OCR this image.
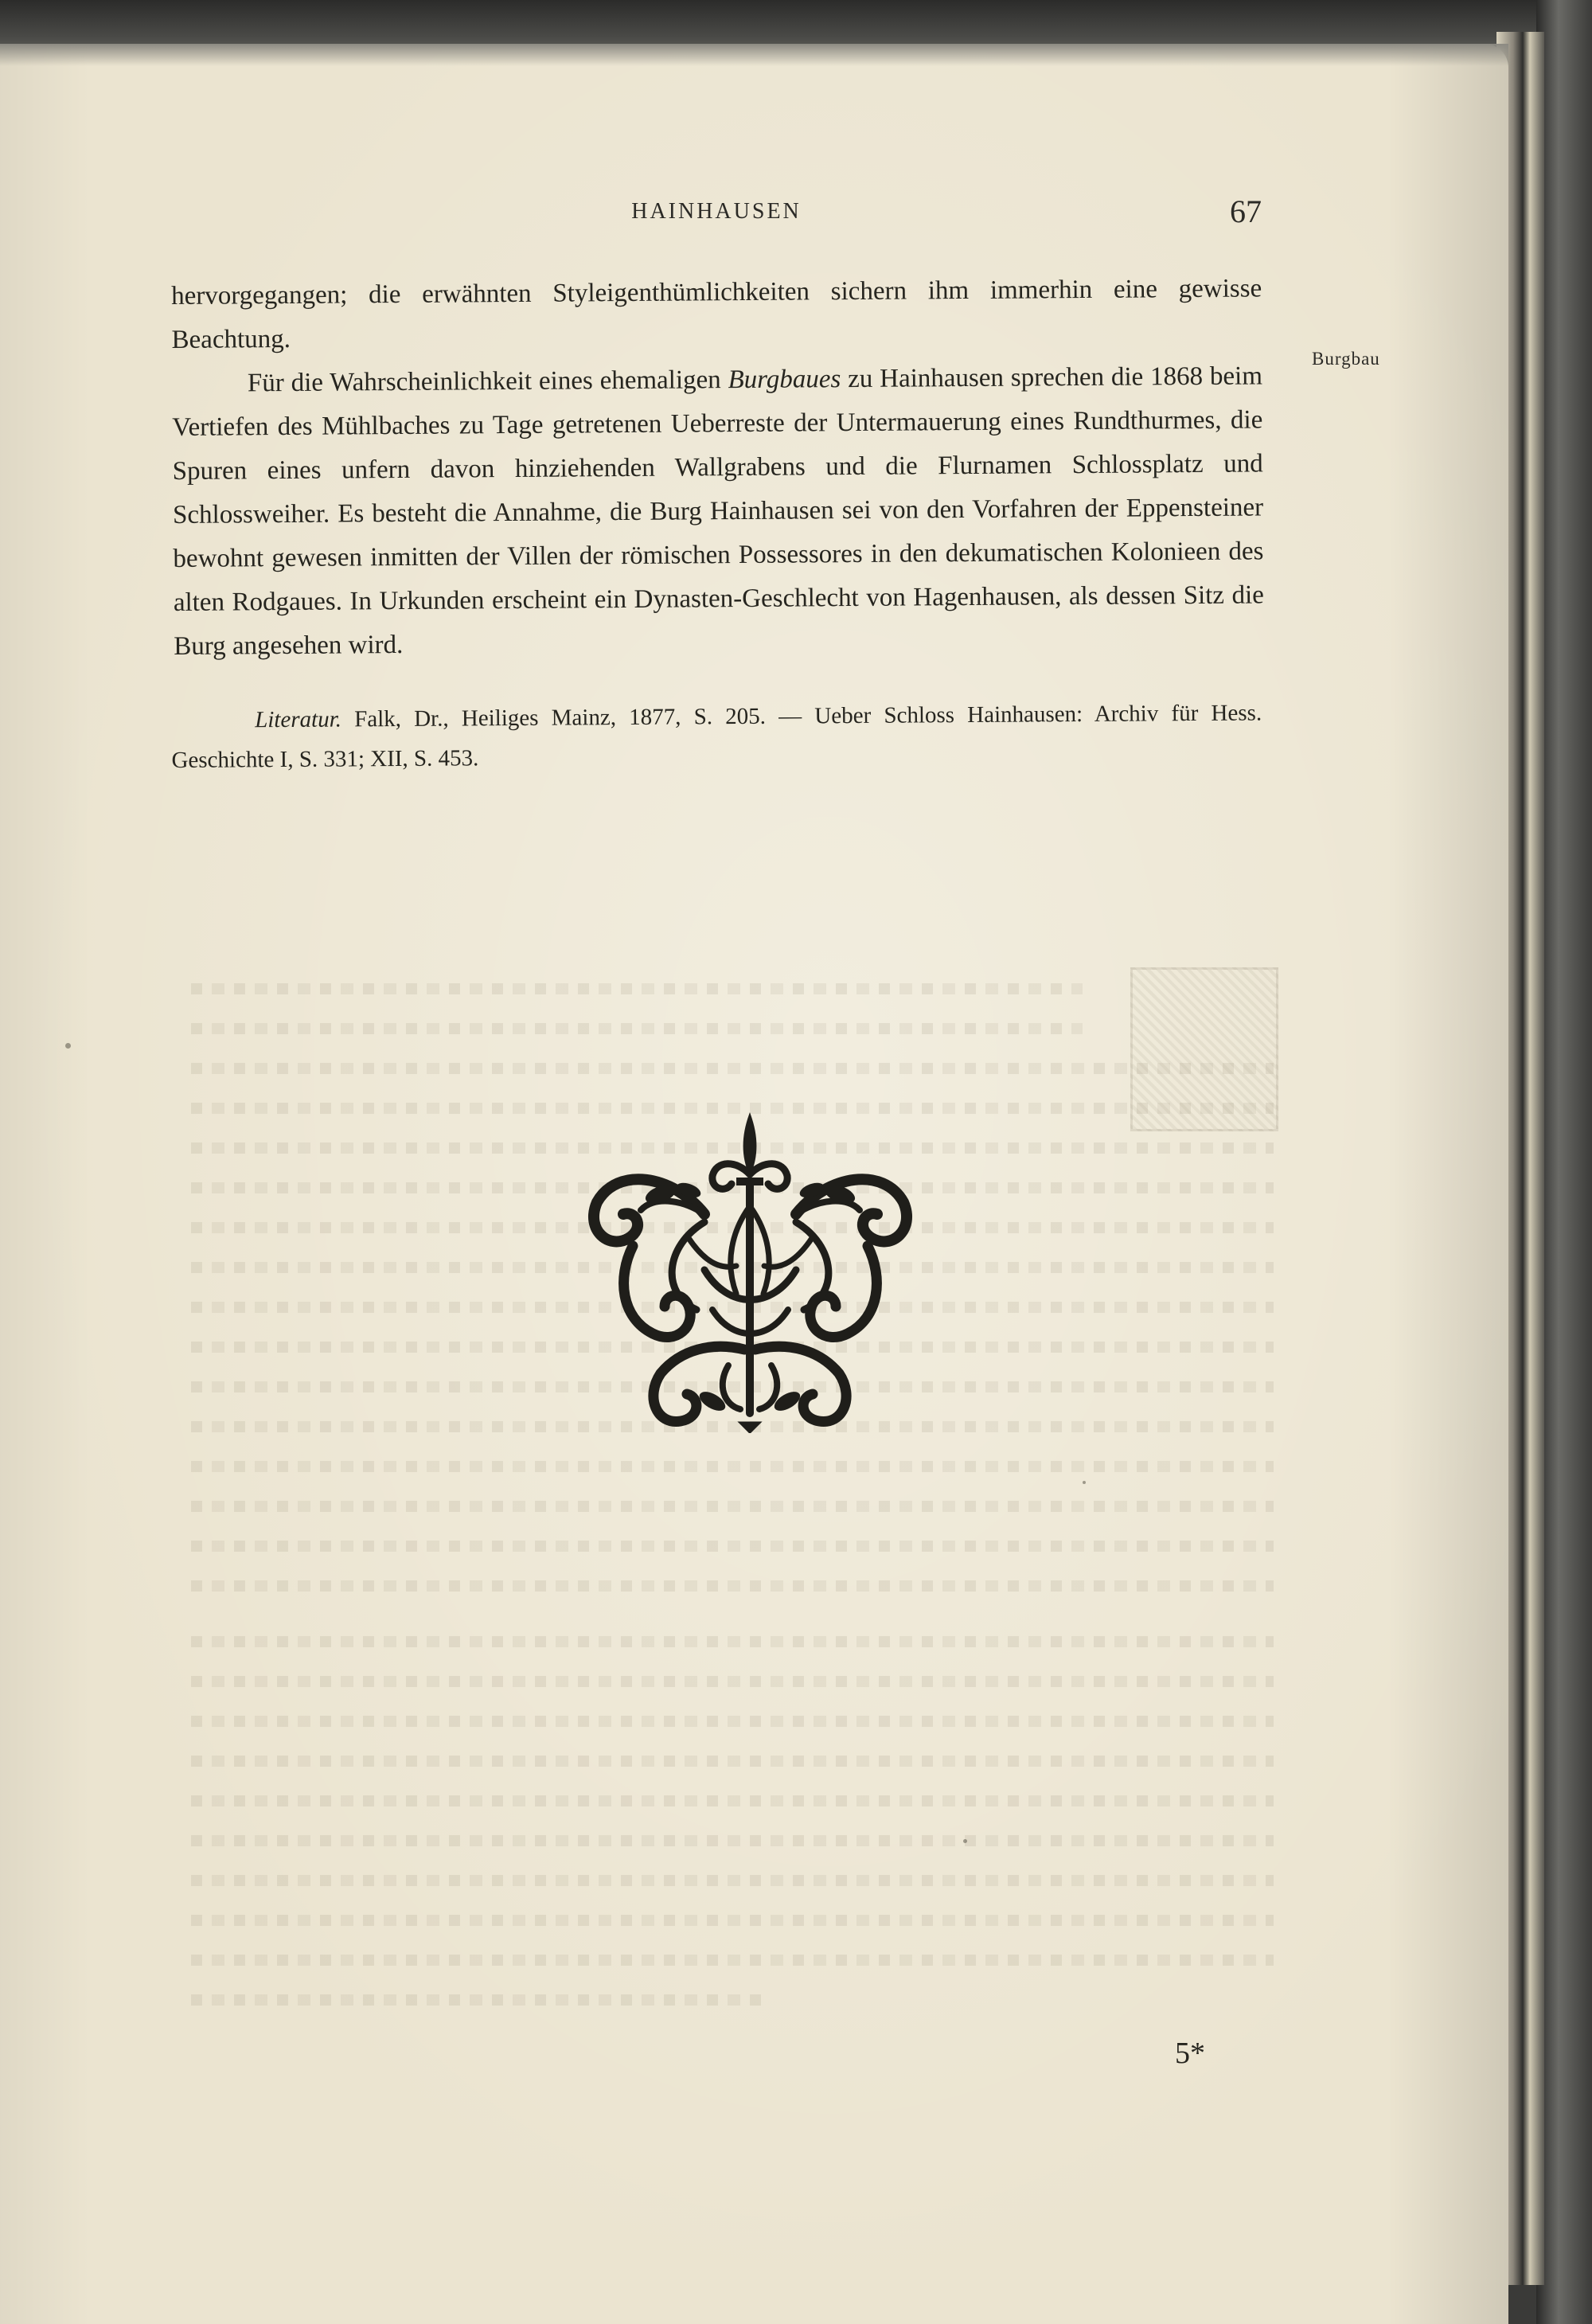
HAINHAUSEN	67
Burgbau

hervorgegangen; die erwähnten Styleigenthümlichkeiten sichern ihm immerhin eine gewisse Beachtung.

Für die Wahrscheinlichkeit eines ehemaligen Burgbaues zu Hainhausen sprechen die 1868 beim Vertiefen des Mühlbaches zu Tage getretenen Ueberreste der Untermauerung eines Rundthurmes, die Spuren eines unfern davon hinziehenden Wallgrabens und die Flurnamen Schlossplatz und Schlossweiher. Es besteht die Annahme, die Burg Hainhausen sei von den Vorfahren der Eppensteiner bewohnt gewesen inmitten der Villen der römischen Possessores in den dekumatischen Kolonieen des alten Rodgaues. In Urkunden erscheint ein Dynasten-Geschlecht von Hagenhausen, als dessen Sitz die Burg angesehen wird.

Literatur. Falk, Dr., Heiliges Mainz, 1877, S. 205. — Ueber Schloss Hainhausen: Archiv für Hess. Geschichte I, S. 331; XII, S. 453.

5*
